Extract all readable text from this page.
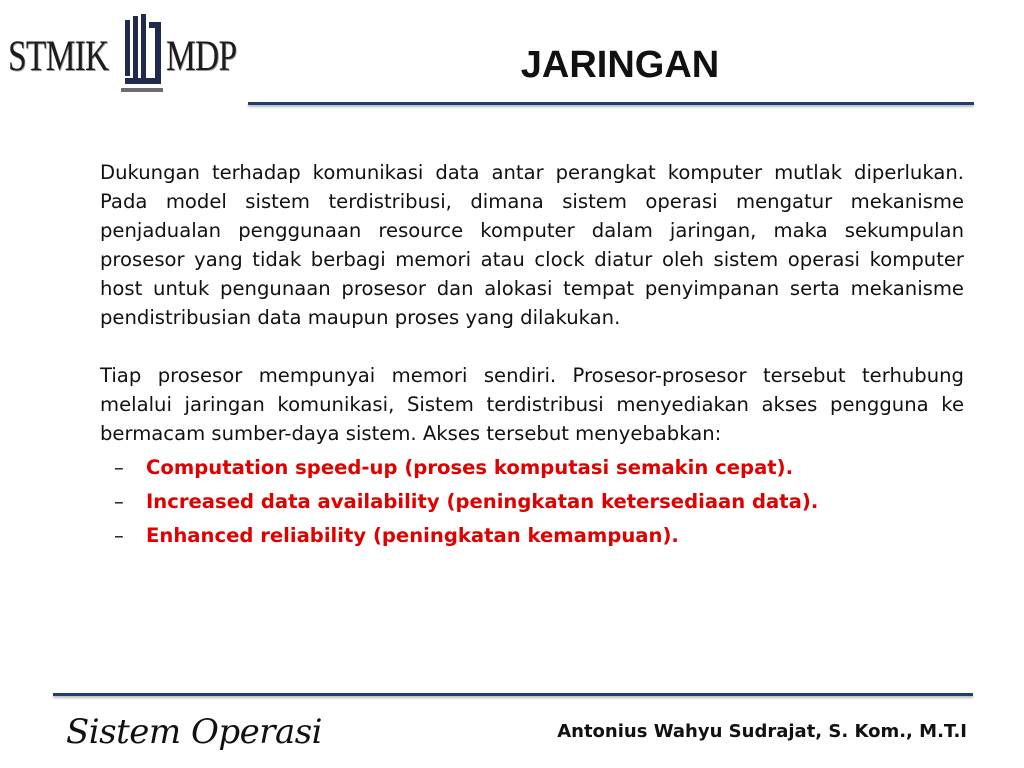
STMIK MDP	JARINGAN

Dukungan terhadap komunikasi data antar perangkat komputer mutlak diperlukan. Pada model sistem terdistribusi, dimana sistem operasi mengatur mekanisme penjadualan penggunaan resource komputer dalam jaringan, maka sekumpulan prosesor yang tidak berbagi memori atau clock diatur oleh sistem operasi komputer host untuk pengunaan prosesor dan alokasi tempat penyimpanan serta mekanisme pendistribusian data maupun proses yang dilakukan.

Tiap prosesor mempunyai memori sendiri. Prosesor-prosesor tersebut terhubung melalui jaringan komunikasi, Sistem terdistribusi menyediakan akses pengguna ke bermacam sumber-daya sistem. Akses tersebut menyebabkan:

– Computation speed-up (proses komputasi semakin cepat).
– Increased data availability (peningkatan ketersediaan data).
– Enhanced reliability (peningkatan kemampuan).
Sistem Operasi	Antonius Wahyu Sudrajat, S. Kom., M.T.I
